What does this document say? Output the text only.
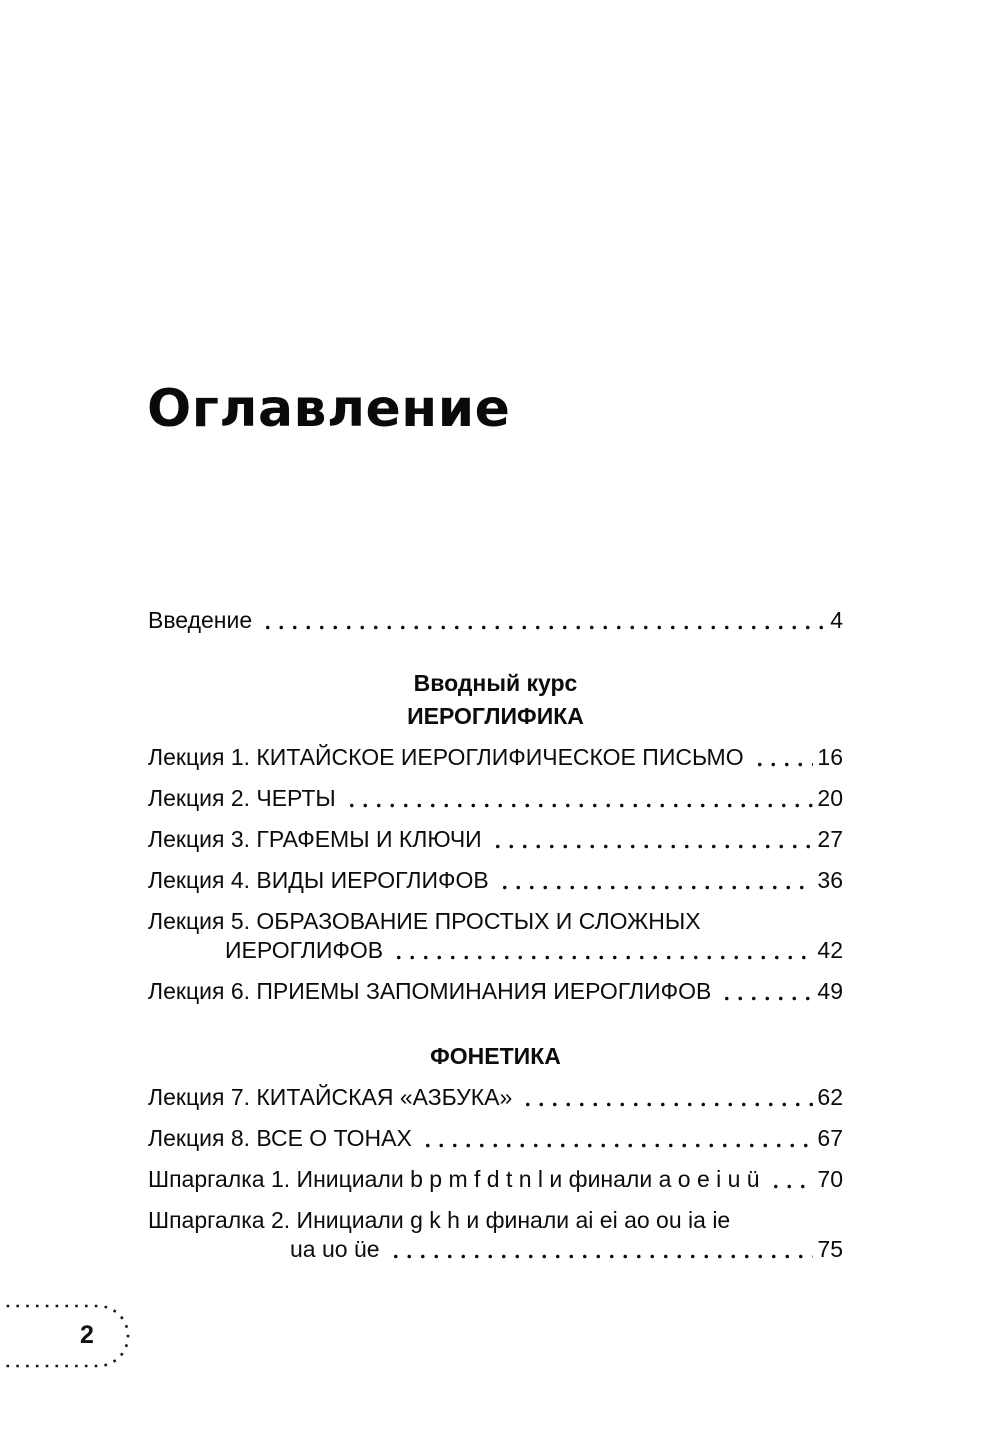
Оглавление
Введение	4
Вводный курс
ИЕРОГЛИФИКА
Лекция 1. КИТАЙСКОЕ ИЕРОГЛИФИЧЕСКОЕ ПИСЬМО	16
Лекция 2. ЧЕРТЫ	20
Лекция 3. ГРАФЕМЫ И КЛЮЧИ	27
Лекция 4. ВИДЫ ИЕРОГЛИФОВ	36
Лекция 5. ОБРАЗОВАНИЕ ПРОСТЫХ И СЛОЖНЫХ
ИЕРОГЛИФОВ	42
Лекция 6. ПРИЕМЫ ЗАПОМИНАНИЯ ИЕРОГЛИФОВ	49
ФОНЕТИКА
Лекция 7. КИТАЙСКАЯ «АЗБУКА»	62
Лекция 8. ВСЕ О ТОНАХ	67
Шпаргалка 1. Инициали b p m f d t n l и финали a o e i u ü	70
Шпаргалка 2. Инициали g k h и финали ai ei ao ou ia ie
ua uo üe	75
2
